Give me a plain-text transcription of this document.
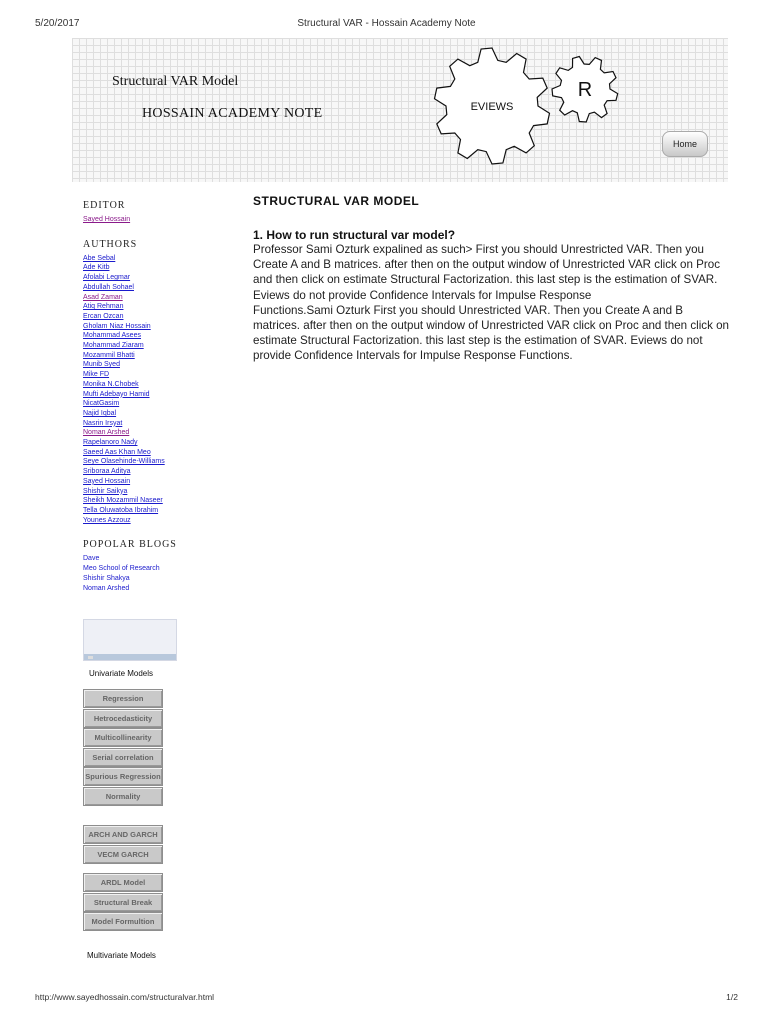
5/20/2017	Structural VAR - Hossain Academy Note
Structural VAR Model
HOSSAIN ACADEMY NOTE	EVIEWS
R
Home
EDITOR
Sayed Hossain
AUTHORS
Abe Sebal
Ade Kitb
Afolabi Legmar
Abdullah Sohael
Asad Zaman
Atiq Rehman
Ercan Ozcan
Gholam Niaz Hossain
Mohammad Asees
Mohammad Ziaram
Mozammil Bhatti
Munib Syed
Mike FD
Monika N.Chobek
Mufti Adebayo Hamid
NicatGasim
Najid Iqbal
Nasrin Irsyat
Noman Arshed
Rapelanoro Nady
Saeed Aas Khan Meo
Seye Olasehinde-Williams
Sriboraa Aditya
Sayed Hossain
Shishir Saikya
Sheikh Mozammil Naseer
Tella Oluwatoba Ibrahim
Younes Azzouz
POPOLAR BLOGS
Dave
Meo School of Research
Shishir Shakya
Noman Arshed
Univariate Models
Regression
Hetrocedasticity
Multicollinearity
Serial correlation
Spurious Regression
Normality
ARCH AND GARCH
VECM GARCH
ARDL Model
Structural Break
Model Formultion
Multivariate Models
STRUCTURAL VAR MODEL
1. How to run structural var model?

Professor Sami Ozturk expalined as such> First you should Unrestricted VAR. Then you Create A and B matrices. after then on the output window of Unrestricted VAR click on Proc and then click on estimate Structural Factorization. this last step is the estimation of SVAR. Eviews do not provide Confidence Intervals for Impulse Response

Functions.Sami Ozturk First you should Unrestricted VAR. Then you Create A and B matrices. after then on the output window of Unrestricted VAR click on Proc and then click on estimate Structural Factorization. this last step is the estimation of SVAR. Eviews do not provide Confidence Intervals for Impulse Response Functions.

http://www.sayedhossain.com/structuralvar.html	1/2
